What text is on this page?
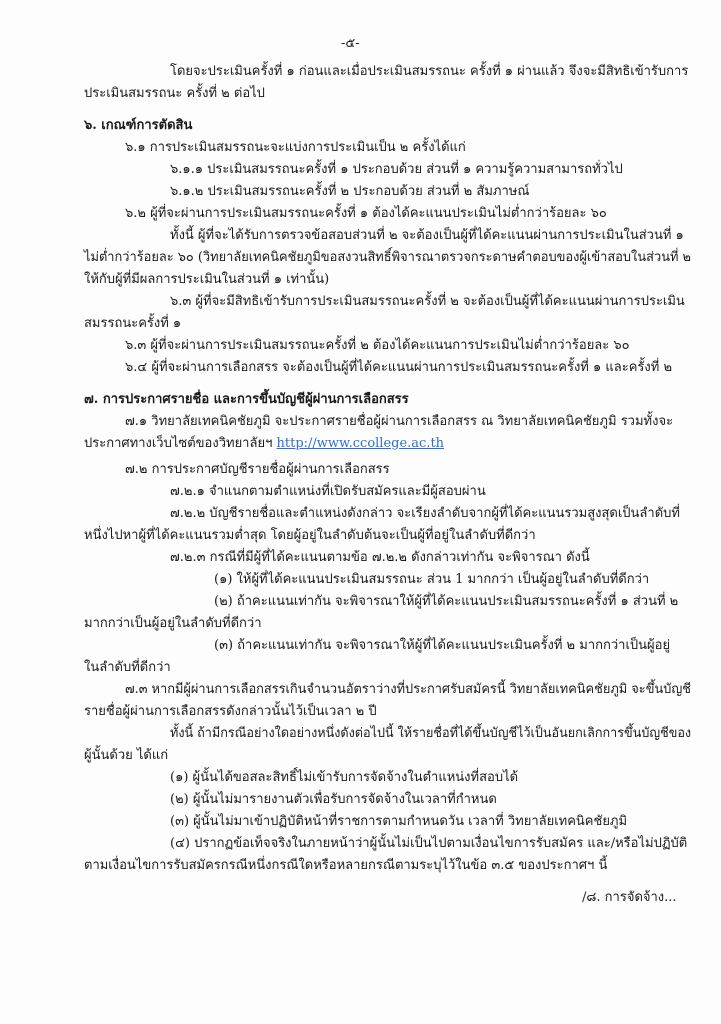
-๕-
โดยจะประเมินครั้งที่ ๑ ก่อนและเมื่อประเมินสมรรถนะ ครั้งที่ ๑ ผ่านแล้ว จึงจะมีสิทธิเข้ารับการ
ประเมินสมรรถนะ ครั้งที่ ๒ ต่อไป
๖. เกณฑ์การตัดสิน
๖.๑ การประเมินสมรรถนะจะแบ่งการประเมินเป็น ๒ ครั้งได้แก่
๖.๑.๑ ประเมินสมรรถนะครั้งที่ ๑ ประกอบด้วย ส่วนที่ ๑ ความรู้ความสามารถทั่วไป
๖.๑.๒ ประเมินสมรรถนะครั้งที่ ๒ ประกอบด้วย ส่วนที่ ๒ สัมภาษณ์
๖.๒ ผู้ที่จะผ่านการประเมินสมรรถนะครั้งที่ ๑ ต้องได้คะแนนประเมินไม่ต่ำกว่าร้อยละ ๖๐
ทั้งนี้ ผู้ที่จะได้รับการตรวจข้อสอบส่วนที่ ๒ จะต้องเป็นผู้ที่ได้คะแนนผ่านการประเมินในส่วนที่ ๑
ไม่ต่ำกว่าร้อยละ ๖๐ (วิทยาลัยเทคนิคชัยภูมิขอสงวนสิทธิ์พิจารณาตรวจกระดาษคำตอบของผู้เข้าสอบในส่วนที่ ๒
ให้กับผู้ที่มีผลการประเมินในส่วนที่ ๑ เท่านั้น)
๖.๓ ผู้ที่จะมีสิทธิเข้ารับการประเมินสมรรถนะครั้งที่ ๒ จะต้องเป็นผู้ที่ได้คะแนนผ่านการประเมิน
สมรรถนะครั้งที่ ๑
๖.๓ ผู้ที่จะผ่านการประเมินสมรรถนะครั้งที่ ๒ ต้องได้คะแนนการประเมินไม่ต่ำกว่าร้อยละ ๖๐
๖.๔ ผู้ที่จะผ่านการเลือกสรร จะต้องเป็นผู้ที่ได้คะแนนผ่านการประเมินสมรรถนะครั้งที่ ๑ และครั้งที่ ๒
๗. การประกาศรายชื่อ และการขึ้นบัญชีผู้ผ่านการเลือกสรร
๗.๑ วิทยาลัยเทคนิคชัยภูมิ จะประกาศรายชื่อผู้ผ่านการเลือกสรร ณ วิทยาลัยเทคนิคชัยภูมิ รวมทั้งจะ
ประกาศทางเว็บไซต์ของวิทยาลัยฯ http://www.ccollege.ac.th
๗.๒ การประกาศบัญชีรายชื่อผู้ผ่านการเลือกสรร
๗.๒.๑ จำแนกตามตำแหน่งที่เปิดรับสมัครและมีผู้สอบผ่าน
๗.๒.๒ บัญชีรายชื่อและตำแหน่งดังกล่าว จะเรียงลำดับจากผู้ที่ได้คะแนนรวมสูงสุดเป็นลำดับที่
หนึ่งไปหาผู้ที่ได้คะแนนรวมต่ำสุด โดยผู้อยู่ในลำดับต้นจะเป็นผู้ที่อยู่ในลำดับที่ดีกว่า
๗.๒.๓ กรณีที่มีผู้ที่ได้คะแนนตามข้อ ๗.๒.๒ ดังกล่าวเท่ากัน จะพิจารณา ดังนี้
(๑) ให้ผู้ที่ได้คะแนนประเมินสมรรถนะ ส่วน 1 มากกว่า เป็นผู้อยู่ในลำดับที่ดีกว่า
(๒) ถ้าคะแนนเท่ากัน จะพิจารณาให้ผู้ที่ได้คะแนนประเมินสมรรถนะครั้งที่ ๑ ส่วนที่ ๒
มากกว่าเป็นผู้อยู่ในลำดับที่ดีกว่า
(๓) ถ้าคะแนนเท่ากัน จะพิจารณาให้ผู้ที่ได้คะแนนประเมินครั้งที่ ๒ มากกว่าเป็นผู้อยู่
ในลำดับที่ดีกว่า
๗.๓ หากมีผู้ผ่านการเลือกสรรเกินจำนวนอัตราว่างที่ประกาศรับสมัครนี้ วิทยาลัยเทคนิคชัยภูมิ จะขึ้นบัญชี
รายชื่อผู้ผ่านการเลือกสรรดังกล่าวนั้นไว้เป็นเวลา ๒ ปี
ทั้งนี้ ถ้ามีกรณีอย่างใดอย่างหนึ่งดังต่อไปนี้ ให้รายชื่อที่ได้ขึ้นบัญชีไว้เป็นอันยกเลิกการขึ้นบัญชีของ
ผู้นั้นด้วย ได้แก่
(๑) ผู้นั้นได้ขอสละสิทธิ์ไม่เข้ารับการจัดจ้างในตำแหน่งที่สอบได้
(๒) ผู้นั้นไม่มารายงานตัวเพื่อรับการจัดจ้างในเวลาที่กำหนด
(๓) ผู้นั้นไม่มาเข้าปฏิบัติหน้าที่ราชการตามกำหนดวัน เวลาที่ วิทยาลัยเทคนิคชัยภูมิ
(๔) ปรากฏข้อเท็จจริงในภายหน้าว่าผู้นั้นไม่เป็นไปตามเงื่อนไขการรับสมัคร และ/หรือไม่ปฏิบัติ
ตามเงื่อนไขการรับสมัครกรณีหนึ่งกรณีใดหรือหลายกรณีตามระบุไว้ในข้อ ๓.๕ ของประกาศฯ นี้
/๘. การจัดจ้าง...
